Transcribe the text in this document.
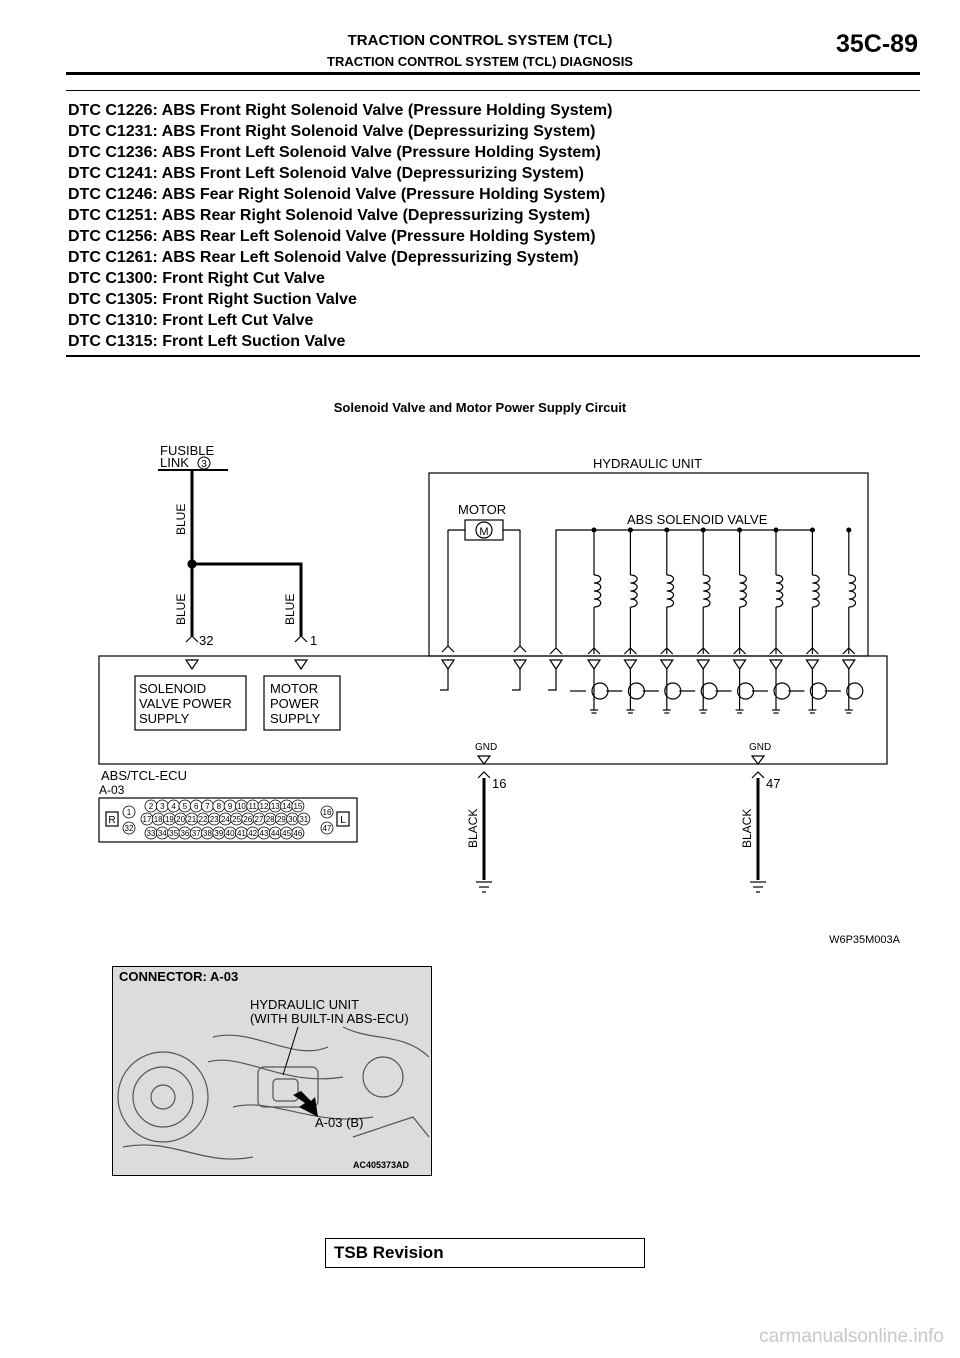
TRACTION CONTROL SYSTEM (TCL)
TRACTION CONTROL SYSTEM (TCL) DIAGNOSIS
35C-89
DTC C1226: ABS Front Right Solenoid Valve (Pressure Holding System)
DTC C1231: ABS Front Right Solenoid Valve (Depressurizing System)
DTC C1236: ABS Front Left Solenoid Valve (Pressure Holding System)
DTC C1241: ABS Front Left Solenoid Valve (Depressurizing System)
DTC C1246: ABS Fear Right Solenoid Valve (Pressure Holding System)
DTC C1251: ABS Rear Right Solenoid Valve (Depressurizing System)
DTC C1256: ABS Rear Left Solenoid Valve (Pressure Holding System)
DTC C1261: ABS Rear Left Solenoid Valve (Depressurizing System)
DTC C1300: Front Right Cut Valve
DTC C1305: Front Right Suction Valve
DTC C1310: Front Left Cut Valve
DTC C1315: Front Left Suction Valve
Solenoid Valve and Motor Power Supply Circuit
1
32
16
47
2 3 4 5 6 7 8 9 10 11 12 13 14 15
17 18 19 20 21 22 23 24 25 26 27 28 29 30 31
33 34 35 36 37 38 39 40 41 42 43 44 45 46
FUSIBLE
LINK 3
BLUE
BLUE	BLUE
32	1
HYDRAULIC UNIT
MOTOR
M
ABS SOLENOID VALVE
SOLENOID
VALVE POWER
SUPPLY
MOTOR
POWER
SUPPLY
GND	GND
ABS/TCL-ECU
A-03	16	47
BLACK	BLACK
R	L
W6P35M003A
CONNECTOR: A-03
HYDRAULIC UNIT
(WITH BUILT-IN ABS-ECU)
A-03 (B)
AC405373AD
TSB Revision
carmanualsonline.info
